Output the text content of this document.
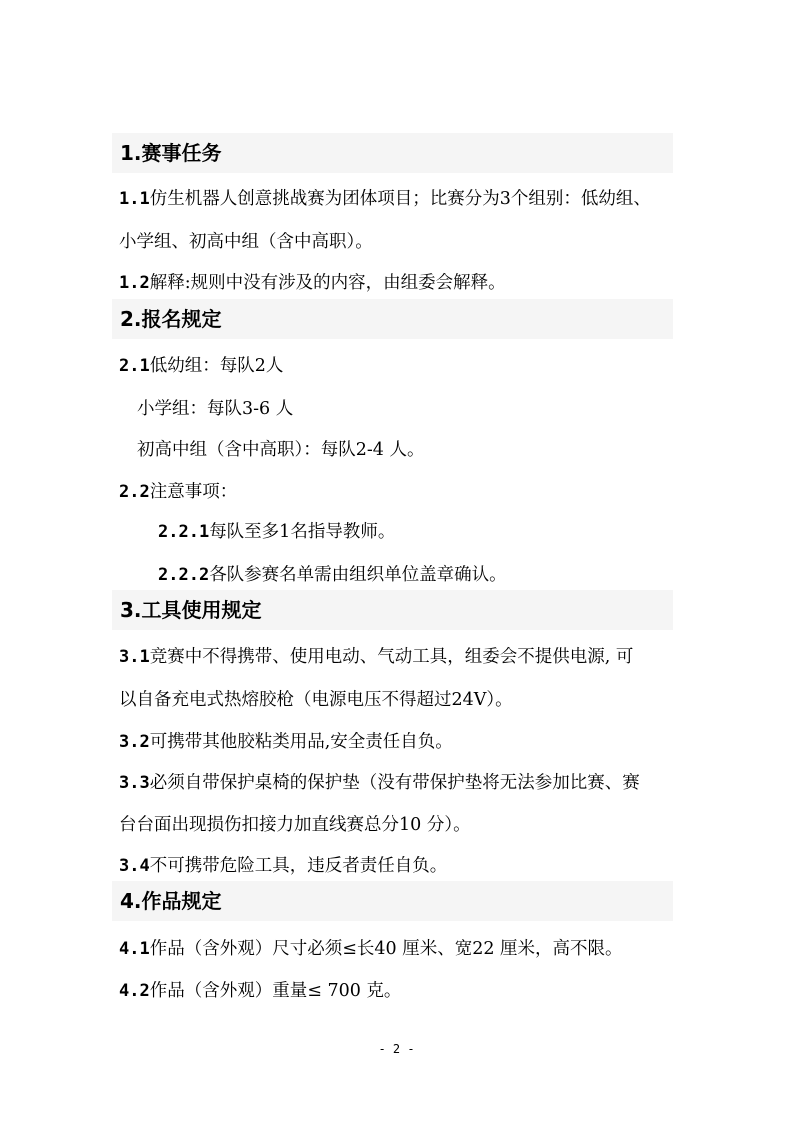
1.赛事任务
1.1仿生机器人创意挑战赛为团体项目；比赛分为3个组别：低幼组、
小学组、初高中组（含中高职）。
1.2解释:规则中没有涉及的内容，由组委会解释。
2.报名规定
2.1低幼组：每队2人
小学组：每队3-6 人
初高中组（含中高职）：每队2-4 人。
2.2注意事项：
2.2.1每队至多1名指导教师。
2.2.2各队参赛名单需由组织单位盖章确认。
3.工具使用规定
3.1竞赛中不得携带、使用电动、气动工具，组委会不提供电源, 可
以自备充电式热熔胶枪（电源电压不得超过24V）。
3.2可携带其他胶粘类用品,安全责任自负。
3.3必须自带保护桌椅的保护垫（没有带保护垫将无法参加比赛、赛
台台面出现损伤扣接力加直线赛总分10 分）。
3.4不可携带危险工具，违反者责任自负。
4.作品规定
4.1作品（含外观）尺寸必须≤长40 厘米、宽22 厘米，高不限。
4.2作品（含外观）重量≤ 700 克。
- 2 -
